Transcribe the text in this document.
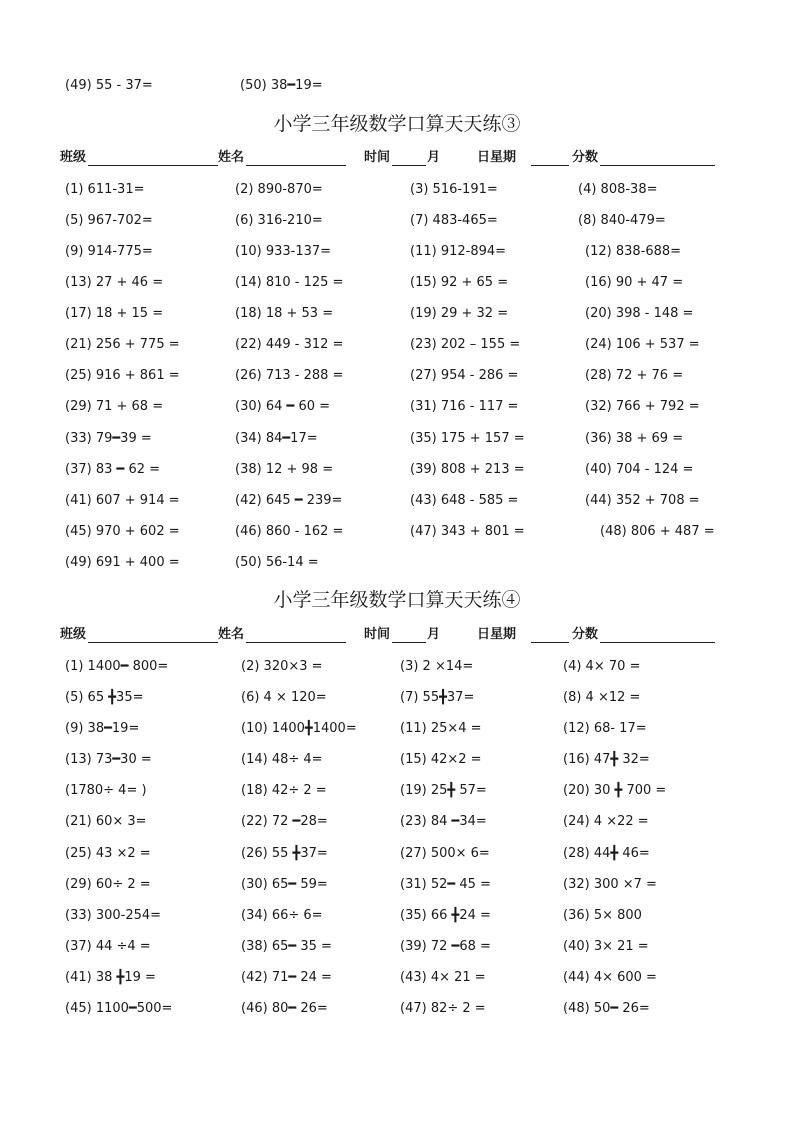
(49) 55 - 37=	(50) 38━19=
小学三年级数学口算天天练③
班级	姓名	时间	月	日星期	分数
(1) 611-31=	(2) 890-870=	(3) 516-191=	(4) 808-38=
(5) 967-702=	(6) 316-210=	(7) 483-465=	(8) 840-479=
(9) 914-775=	(10) 933-137=	(11) 912-894=	(12) 838-688=
(13) 27 + 46 =	(14) 810 - 125 =	(15) 92 + 65 =	(16) 90 + 47 =
(17) 18 + 15 =	(18) 18 + 53 =	(19) 29 + 32 =	(20) 398 - 148 =
(21) 256 + 775 =	(22) 449 - 312 =	(23) 202 – 155 =	(24) 106 + 537 =
(25) 916 + 861 =	(26) 713 - 288 =	(27) 954 - 286 =	(28) 72 + 76 =
(29) 71 + 68 =	(30) 64 ━ 60 =	(31) 716 - 117 =	(32) 766 + 792 =
(33) 79━39 =	(34) 84━17=	(35) 175 + 157 =	(36) 38 + 69 =
(37) 83 ━ 62 =	(38) 12 + 98 =	(39) 808 + 213 =	(40) 704 - 124 =
(41) 607 + 914 =	(42) 645 ━ 239=	(43) 648 - 585 =	(44) 352 + 708 =
(45) 970 + 602 =	(46) 860 - 162 =	(47) 343 + 801 =	(48) 806 + 487 =
(49) 691 + 400 =	(50) 56-14 =
小学三年级数学口算天天练④
班级	姓名	时间	月	日星期	分数
(1) 1400━ 800=	(2) 320×3 =	(3) 2 ×14=	(4) 4× 70 =
(5) 65 ╋35=	(6) 4 × 120=	(7) 55╋37=	(8) 4 ×12 =
(9) 38━19=	(10) 1400╋1400=	(11) 25×4 =	(12) 68- 17=
(13) 73━30 =	(14) 48÷ 4=	(15) 42×2 =	(16) 47╋ 32=
(1780÷ 4= )	(18) 42÷ 2 =	(19) 25╋ 57=	(20) 30 ╋ 700 =
(21) 60× 3=	(22) 72 ━28=	(23) 84 ━34=	(24) 4 ×22 =
(25) 43 ×2 =	(26) 55 ╋37=	(27) 500× 6=	(28) 44╋ 46=
(29) 60÷ 2 =	(30) 65━ 59=	(31) 52━ 45 =	(32) 300 ×7 =
(33) 300-254=	(34) 66÷ 6=	(35) 66 ╋24 =	(36) 5× 800
(37) 44 ÷4 =	(38) 65━ 35 =	(39) 72 ━68 =	(40) 3× 21 =
(41) 38 ╋19 =	(42) 71━ 24 =	(43) 4× 21 =	(44) 4× 600 =
(45) 1100━500=	(46) 80━ 26=	(47) 82÷ 2 =	(48) 50━ 26=
